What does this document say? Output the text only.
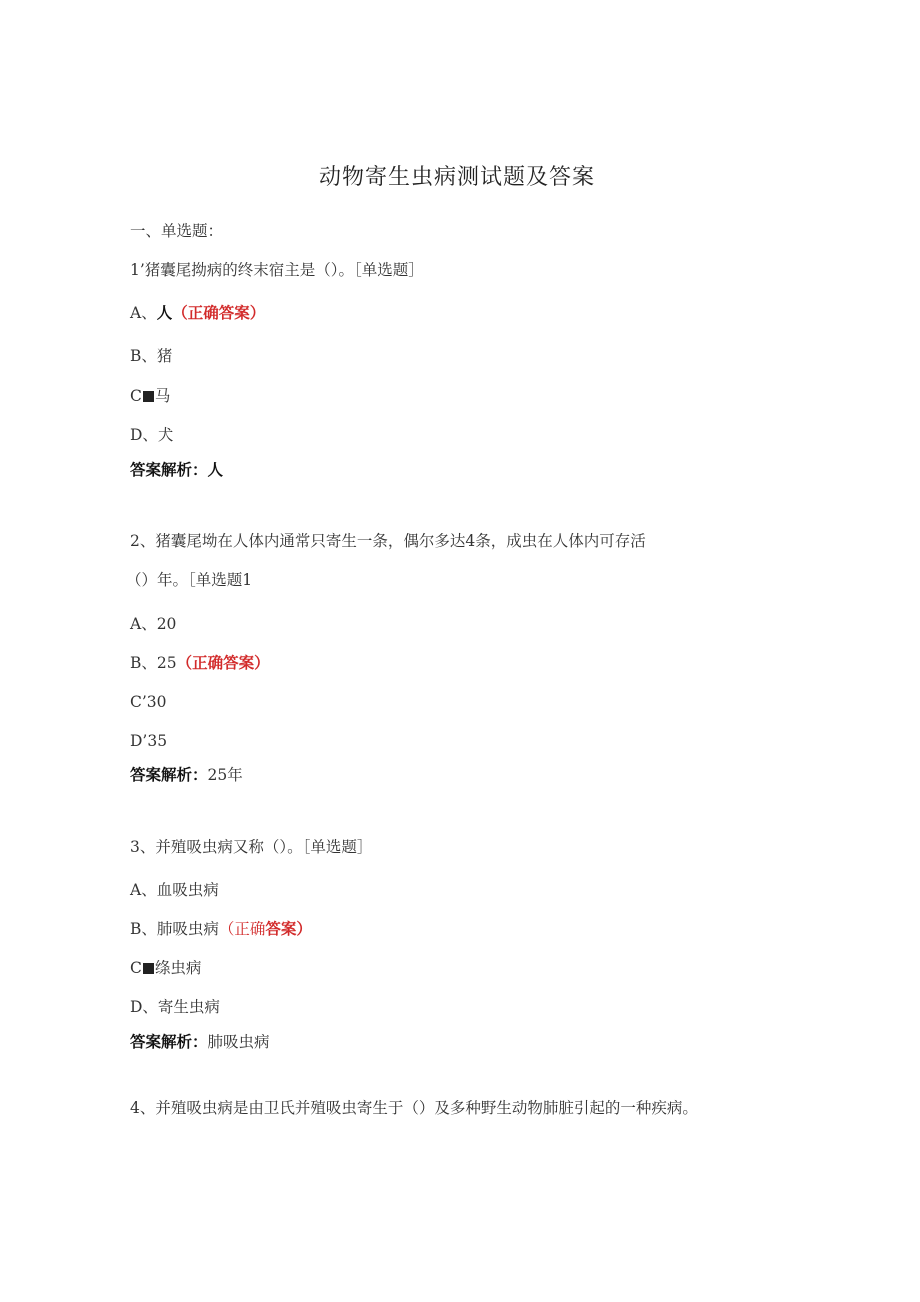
动物寄生虫病测试题及答案
一、单选题：
1’猪囊尾拗病的终末宿主是（）。［单选题］
A、人（正确答案）
B、猪
C 马
D、犬
答案解析：人
2、猪囊尾坳在人体内通常只寄生一条，偶尔多达4条，成虫在人体内可存活
（）年。［单选题1
A、20
B、25（正确答案）
C’30
D’35
答案解析：25年
3、并殖吸虫病又称（）。［单选题］
A、血吸虫病
B、肺吸虫病（正确答案）
C 绦虫病
D、寄生虫病
答案解析：肺吸虫病
4、并殖吸虫病是由卫氏并殖吸虫寄生于（）及多种野生动物肺脏引起的一种疾病。
